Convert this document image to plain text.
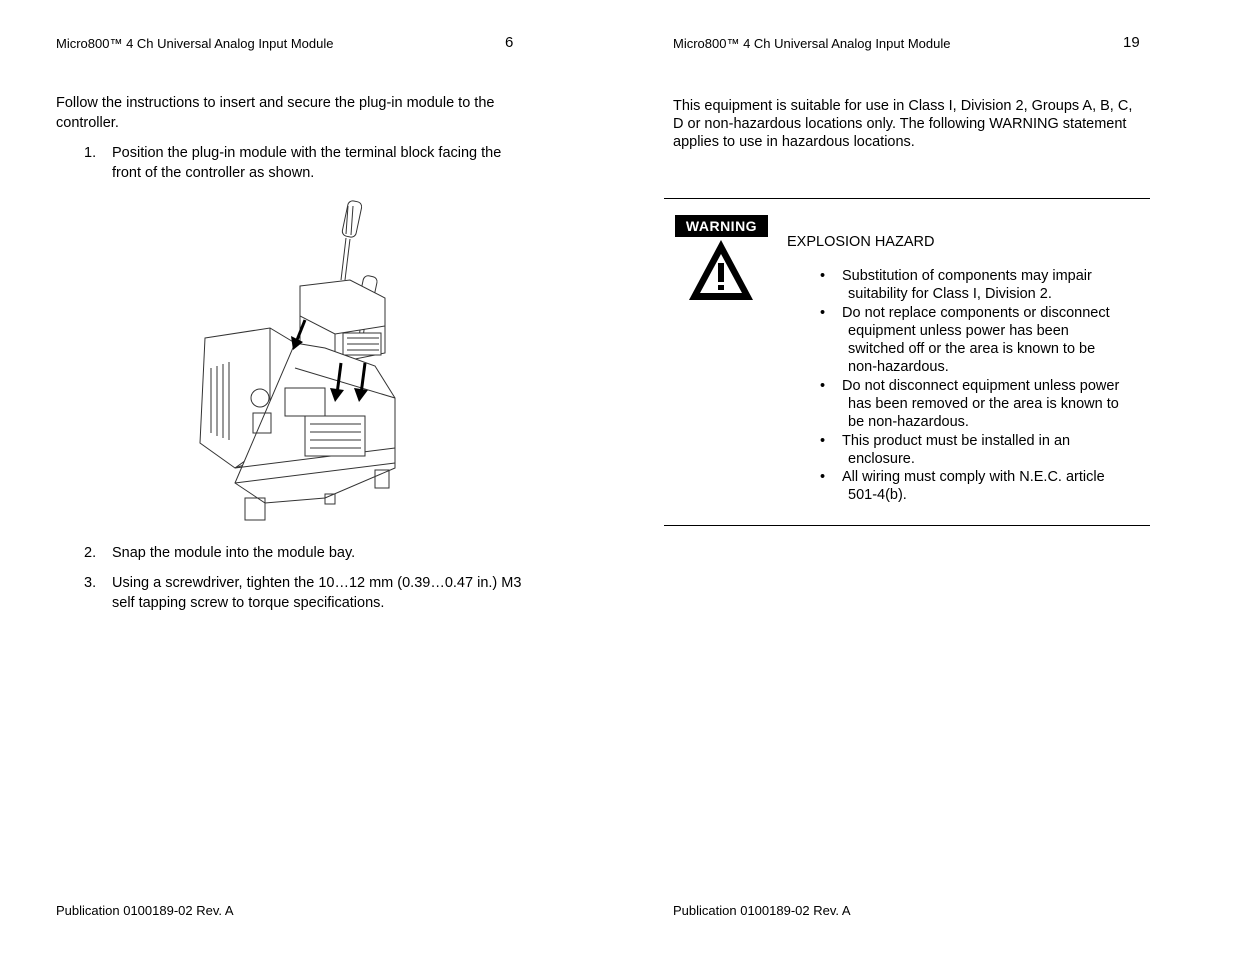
Micro800™ 4 Ch Universal Analog Input Module	6
Follow the instructions to insert and secure the plug-in module to the
controller.
1. Position the plug-in module with the terminal block facing the
front of the controller as shown.
2. Snap the module into the module bay.
3. Using a screwdriver, tighten the 10…12 mm (0.39…0.47 in.) M3
self tapping screw to torque specifications.
Publication 0100189-02 Rev. A
Micro800™ 4 Ch Universal Analog Input Module	19
This equipment is suitable for use in Class I, Division 2, Groups A, B, C,
D or non-hazardous locations only. The following WARNING statement
applies to use in hazardous locations.
WARNING
EXPLOSION HAZARD
• Substitution of components may impair
suitability for Class I, Division 2.
• Do not replace components or disconnect
equipment unless power has been
switched off or the area is known to be
non-hazardous.
• Do not disconnect equipment unless power
has been removed or the area is known to
be non-hazardous.
• This product must be installed in an
enclosure.
• All wiring must comply with N.E.C. article
501-4(b).
Publication 0100189-02 Rev. A
